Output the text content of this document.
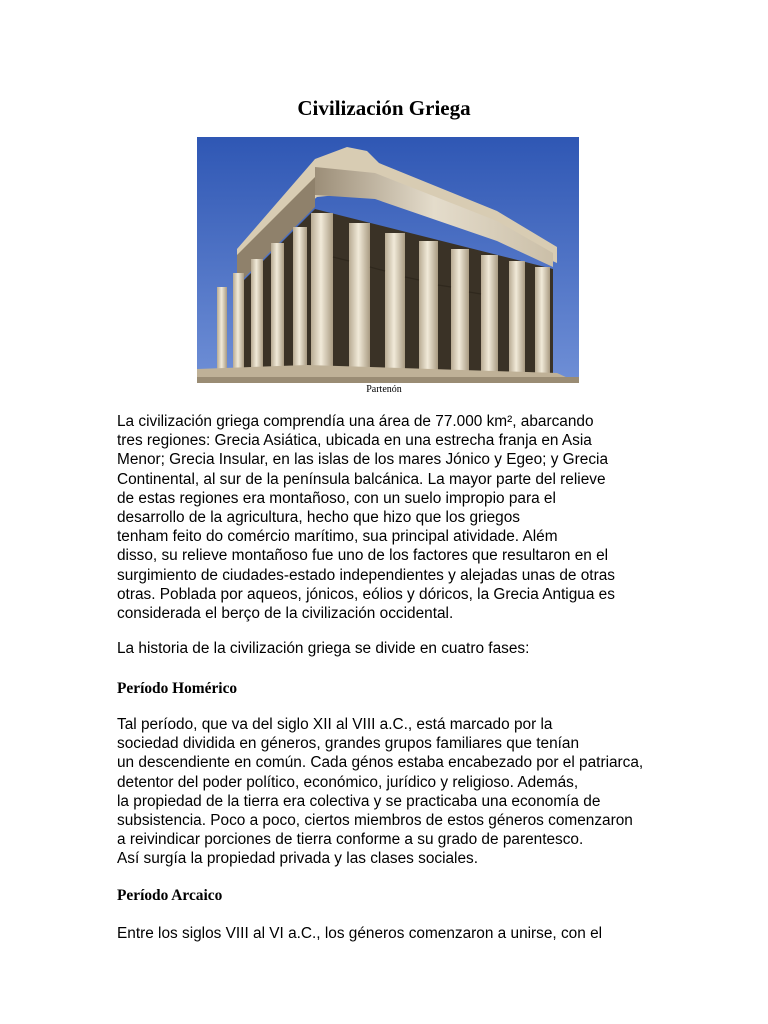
Civilización Griega
Partenón
La civilización griega comprendía una área de 77.000 km², abarcando
tres regiones: Grecia Asiática, ubicada en una estrecha franja en Asia
Menor; Grecia Insular, en las islas de los mares Jónico y Egeo; y Grecia
Continental, al sur de la península balcánica. La mayor parte del relieve
de estas regiones era montañoso, con un suelo impropio para el
desarrollo de la agricultura, hecho que hizo que los griegos
tenham feito do comércio marítimo, sua principal atividade. Além
disso, su relieve montañoso fue uno de los factores que resultaron en el
surgimiento de ciudades-estado independientes y alejadas unas de otras
otras. Poblada por aqueos, jónicos, eólios y dóricos, la Grecia Antigua es
considerada el berço de la civilización occidental.
La historia de la civilización griega se divide en cuatro fases:
Período Homérico
Tal período, que va del siglo XII al VIII a.C., está marcado por la
sociedad dividida en géneros, grandes grupos familiares que tenían
un descendiente en común. Cada génos estaba encabezado por el patriarca,
detentor del poder político, económico, jurídico y religioso. Además,
la propiedad de la tierra era colectiva y se practicaba una economía de
subsistencia. Poco a poco, ciertos miembros de estos géneros comenzaron
a reivindicar porciones de tierra conforme a su grado de parentesco.
Así surgía la propiedad privada y las clases sociales.
Período Arcaico
Entre los siglos VIII al VI a.C., los géneros comenzaron a unirse, con el
